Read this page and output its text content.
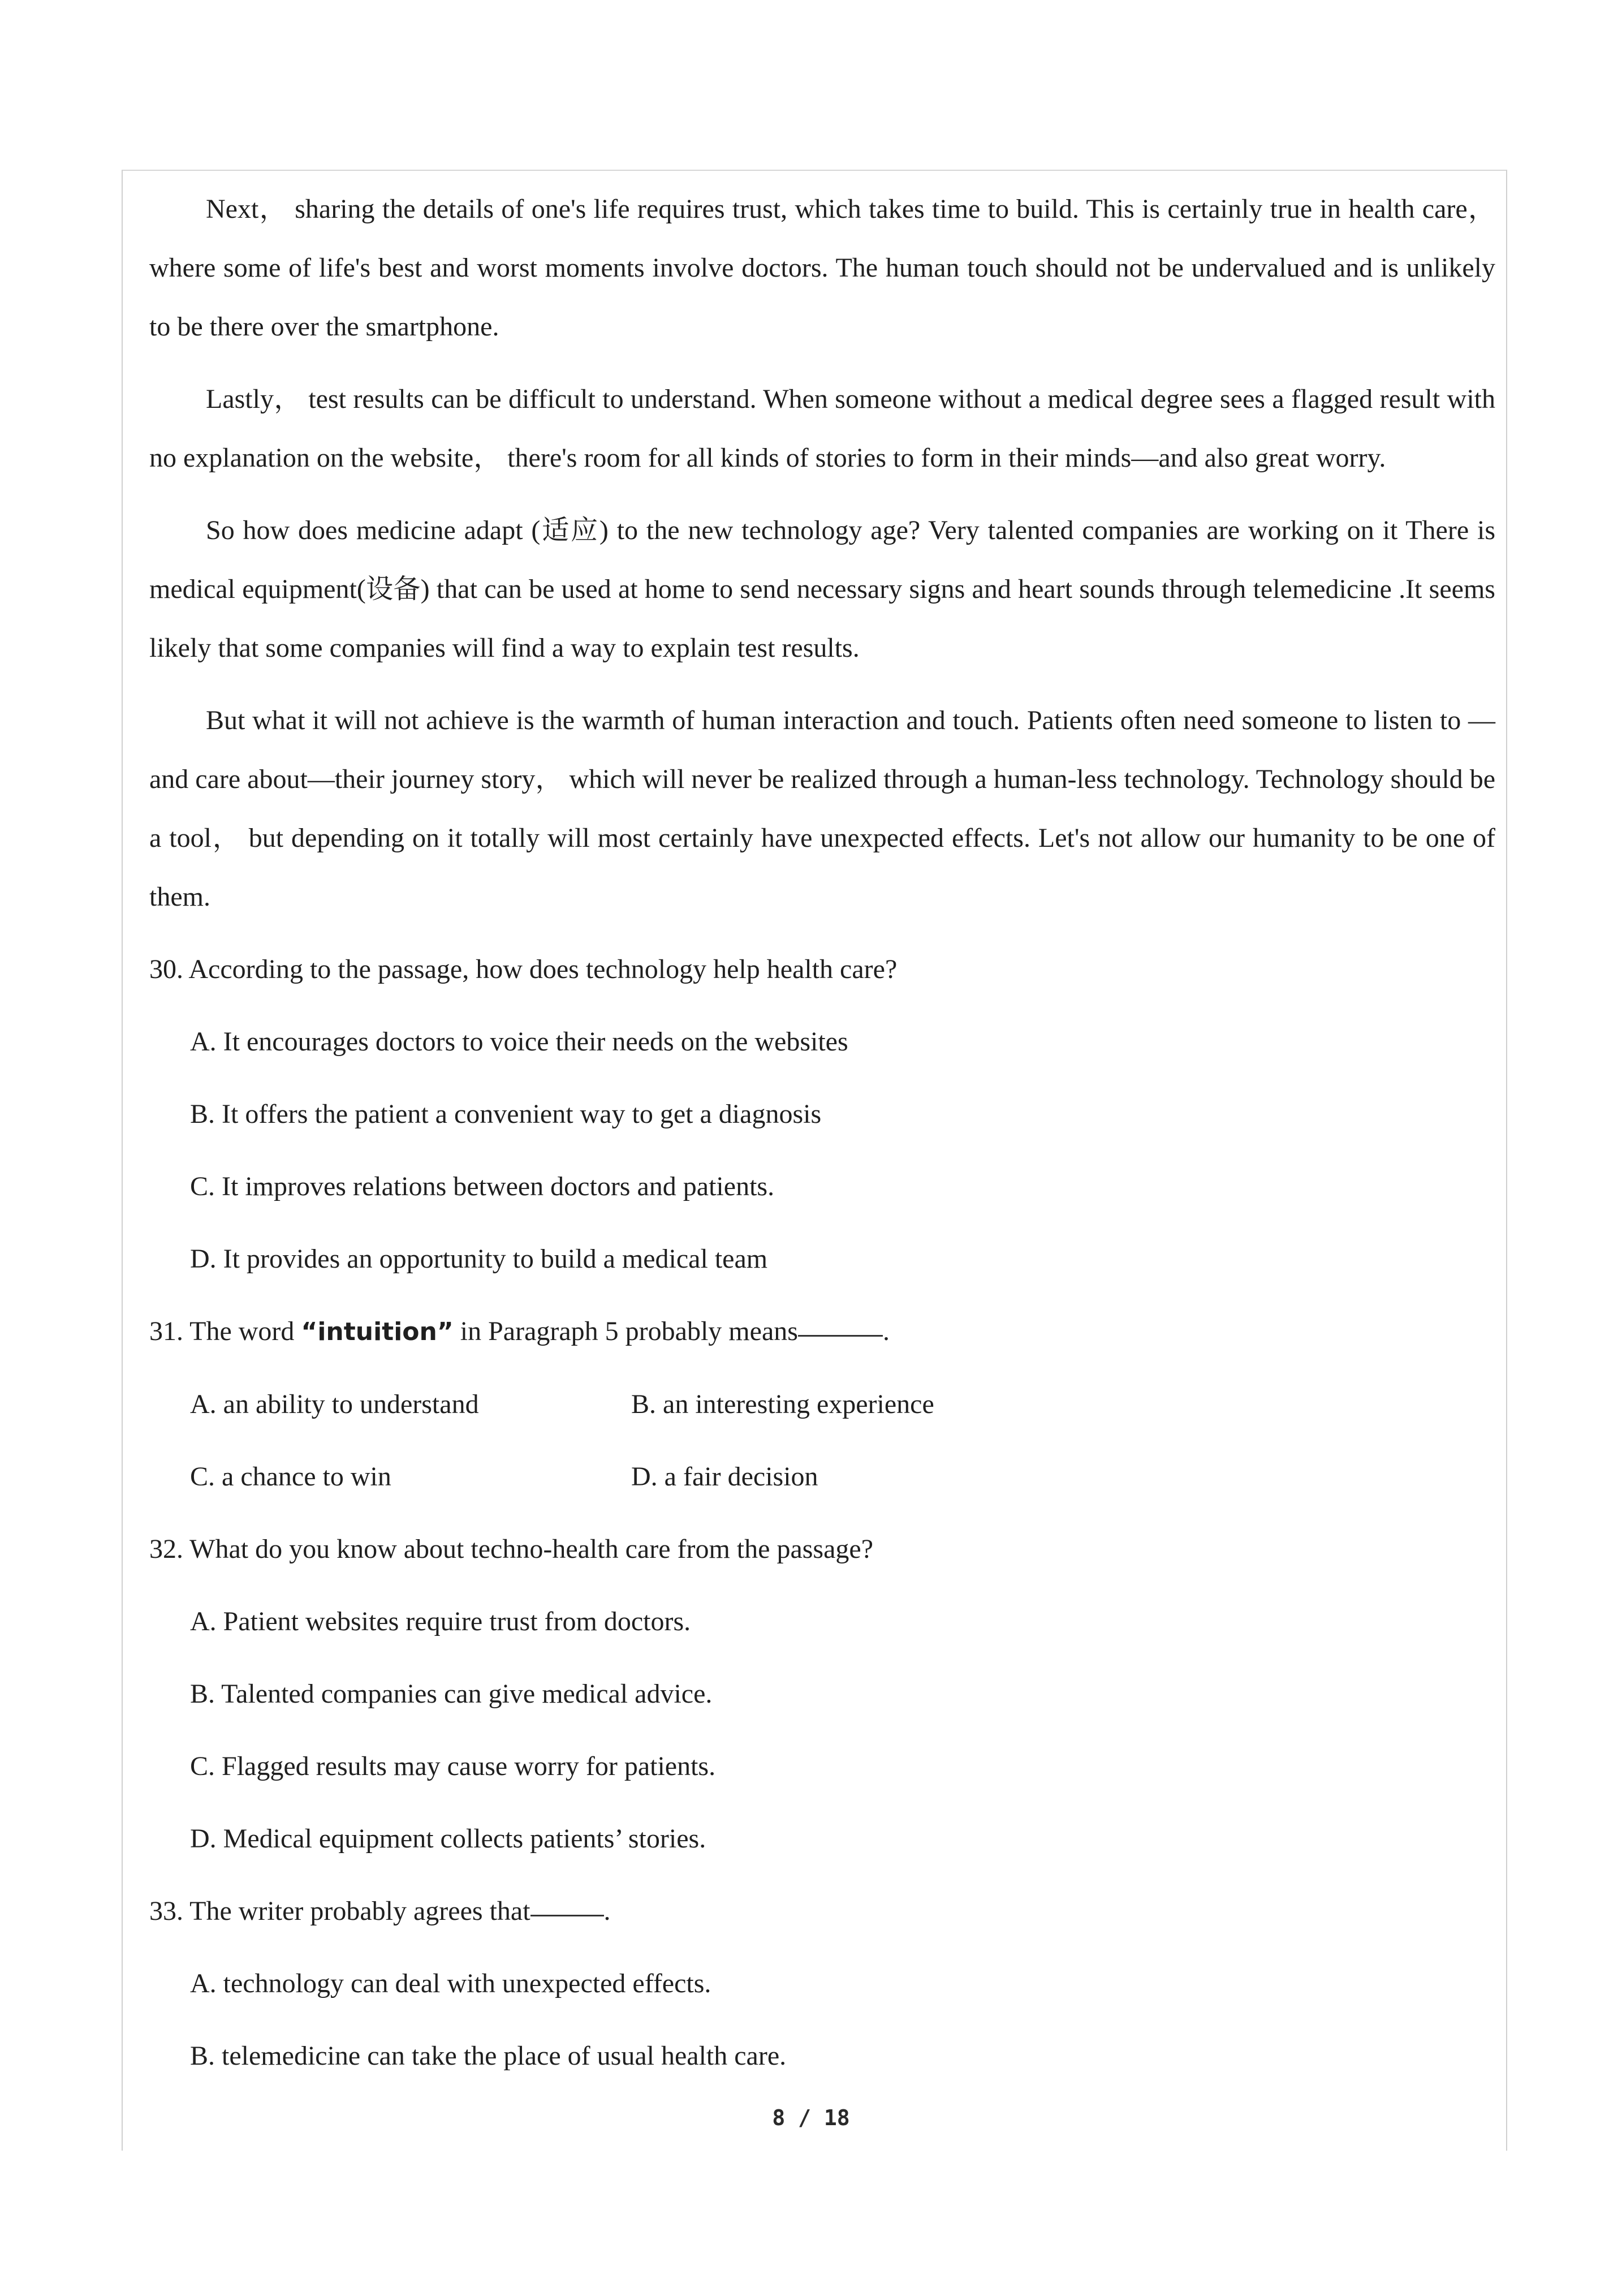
Next， sharing the details of one's life requires trust, which takes time to build. This is certainly true in health care， where some of life's best and worst moments involve doctors. The human touch should not be undervalued and is unlikely to be there over the smartphone.

Lastly， test results can be difficult to understand. When someone without a medical degree sees a flagged result with no explanation on the website， there's room for all kinds of stories to form in their minds—and also great worry.

So how does medicine adapt (适应) to the new technology age? Very talented companies are working on it There is medical equipment(设备) that can be used at home to send necessary signs and heart sounds through telemedicine .It seems likely that some companies will find a way to explain test results.

But what it will not achieve is the warmth of human interaction and touch. Patients often need someone to listen to —and care about—their journey story， which will never be realized through a human-less technology. Technology should be a tool， but depending on it totally will most certainly have unexpected effects. Let's not allow our humanity to be one of them.

30. According to the passage, how does technology help health care?
A. It encourages doctors to voice their needs on the websites
B. It offers the patient a convenient way to get a diagnosis
C. It improves relations between doctors and patients.
D. It provides an opportunity to build a medical team
31. The word “intuition” in Paragraph 5 probably means	.
A. an ability to understand	B. an interesting experience
C. a chance to win	D. a fair decision
32. What do you know about techno-health care from the passage?
A. Patient websites require trust from doctors.
B. Talented companies can give medical advice.
C. Flagged results may cause worry for patients.
D. Medical equipment collects patients’ stories.
33. The writer probably agrees that	.
A. technology can deal with unexpected effects.
B. telemedicine can take the place of usual health care.
8 / 18
